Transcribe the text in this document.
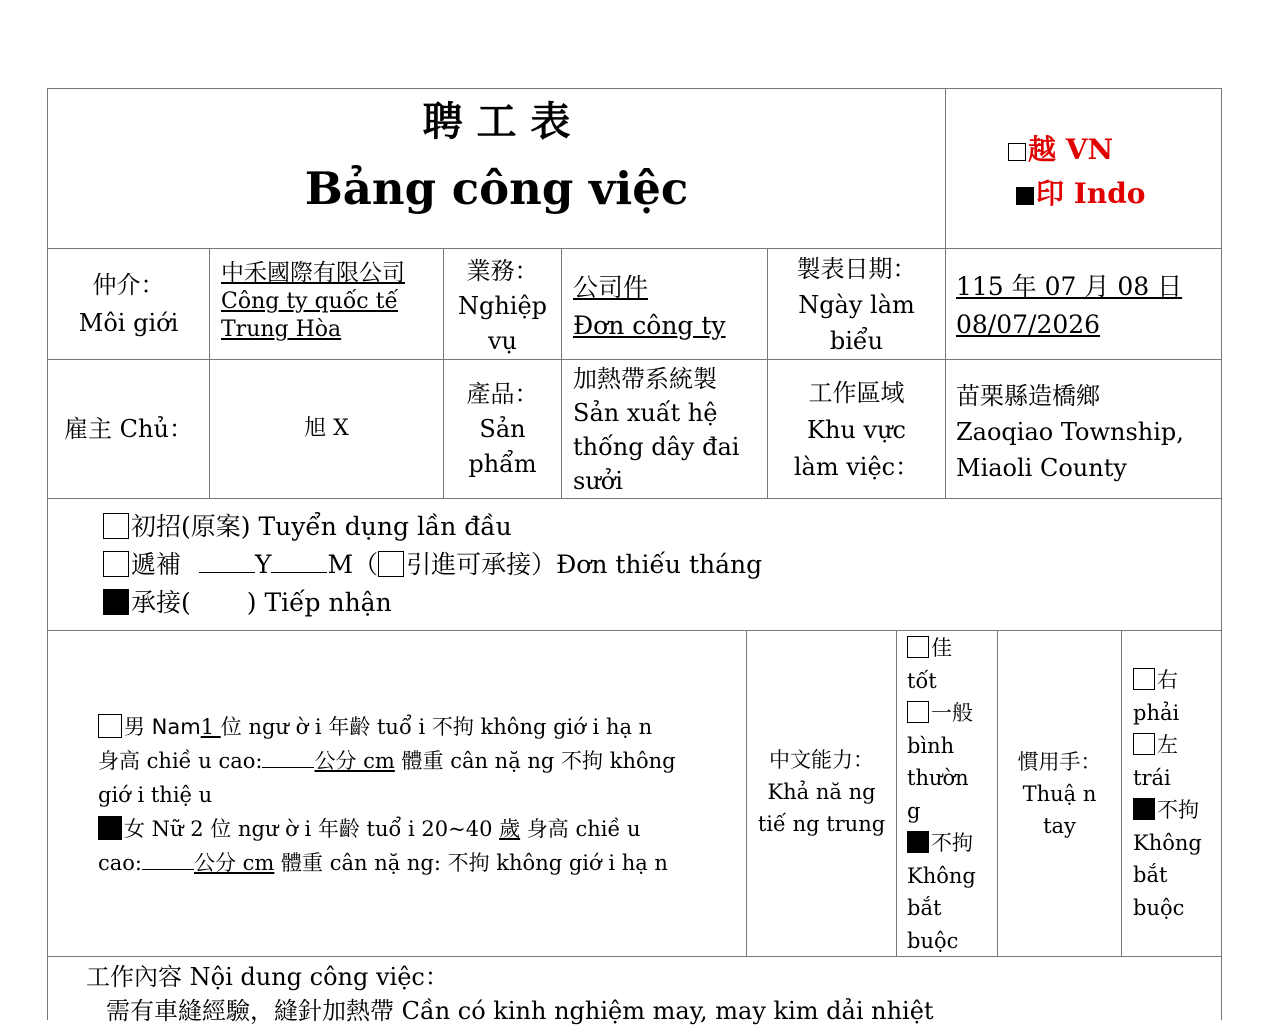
聘 工 表
Bảng công việc
越 VN
印 Indo
仲介：
Môi giới
中禾國際有限公司
Công ty quốc tế
Trung Hòa
業務：
Nghiệp
vụ
公司件
Đơn công ty
製表日期：
Ngày làm
biểu
115 年 07 月 08 日
08/07/2026
雇主 Chủ：	旭 X
產品：
Sản
phẩm
加熱帶系統製
Sản xuất hệ
thống dây đai
sưởi
工作區域
Khu vực
làm việc：
苗栗縣造橋鄉
Zaoqiao Township,
Miaoli County
初招(原案) Tuyển dụng lần đầu
遞補	Y M（ 引進可承接）Đơn thiếu tháng
承接( ) Tiếp nhận
男 Nam1 位 ngư ờ i 年齡 tuổ i 不拘 không giớ i hạ n
身高 chiề u cao: 公分 cm 體重 cân nặ ng 不拘 không
giớ i thiệ u
女 Nữ 2 位 ngư ờ i 年齡 tuổ i 20~40 歲 身高 chiề u
cao: 公分 cm 體重 cân nặ ng: 不拘 không giớ i hạ n
中文能力：
Khả nă ng
tiế ng trung
佳
tốt
一般
bình
thườn
g
不拘
Không
bắt
buộc
慣用手：
Thuậ n
tay
右
phải
左
trái
不拘
Không
bắt
buộc
工作內容 Nội dung công việc：
需有車縫經驗，縫針加熱帶 Cần có kinh nghiệm may, may kim dải nhiệt
